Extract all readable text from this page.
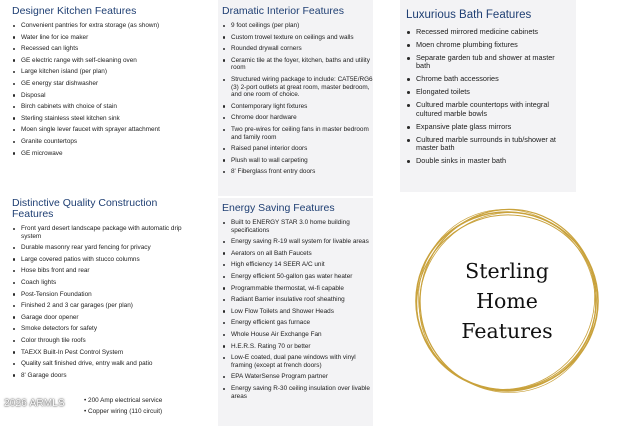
Designer Kitchen Features
Convenient pantries for extra storage (as shown)
Water line for ice maker
Recessed can lights
GE electric range with self-cleaning oven
Large kitchen island (per plan)
GE energy star dishwasher
Disposal
Birch cabinets with choice of stain
Sterling stainless steel kitchen sink
Moen single lever faucet with sprayer attachment
Granite countertops
GE microwave
Distinctive Quality Construction
Features
Front yard desert landscape package with automatic drip system
Durable masonry rear yard fencing for privacy
Large covered patios with stucco columns
Hose bibs front and rear
Coach lights
Post-Tension Foundation
Finished 2 and 3 car garages (per plan)
Garage door opener
Smoke detectors for safety
Color through tile roofs
TAEXX Built-In Pest Control System
Quality salt finished drive, entry walk and patio
8' Garage doors
• 200 Amp electrical service
• Copper wiring (110 circuit)
Dramatic Interior Features
9 foot ceilings (per plan)
Custom trowel texture on ceilings and walls
Rounded drywall corners
Ceramic tile at the foyer, kitchen, baths and utility room
Structured wiring package to include: CAT5E/RG6 (3) 2-port outlets at great room, master bedroom, and one room of choice.
Contemporary light fixtures
Chrome door hardware
Two pre-wires for ceiling fans in master bedroom and family room
Raised panel interior doors
Plush wall to wall carpeting
8' Fiberglass front entry doors
Energy Saving Features
Built to ENERGY STAR 3.0 home building specifications
Energy saving R-19 wall system for livable areas
Aerators on all Bath Faucets
High efficiency 14 SEER A/C unit
Energy efficient 50-gallon gas water heater
Programmable thermostat, wi-fi capable
Radiant Barrier insulative roof sheathing
Low Flow Toilets and Shower Heads
Energy efficient gas furnace
Whole House Air Exchange Fan
H.E.R.S. Rating 70 or better
Low-E coated, dual pane windows with vinyl framing (except at french doors)
EPA WaterSense Program partner
Energy saving R-30 ceiling insulation over livable areas
Luxurious Bath Features
Recessed mirrored medicine cabinets
Moen chrome plumbing fixtures
Separate garden tub and shower at master bath
Chrome bath accessories
Elongated toilets
Cultured marble countertops with integral cultured marble bowls
Expansive plate glass mirrors
Cultured marble surrounds in tub/shower at master bath
Double sinks in master bath
Sterling
Home
Features
2026 ARMLS
